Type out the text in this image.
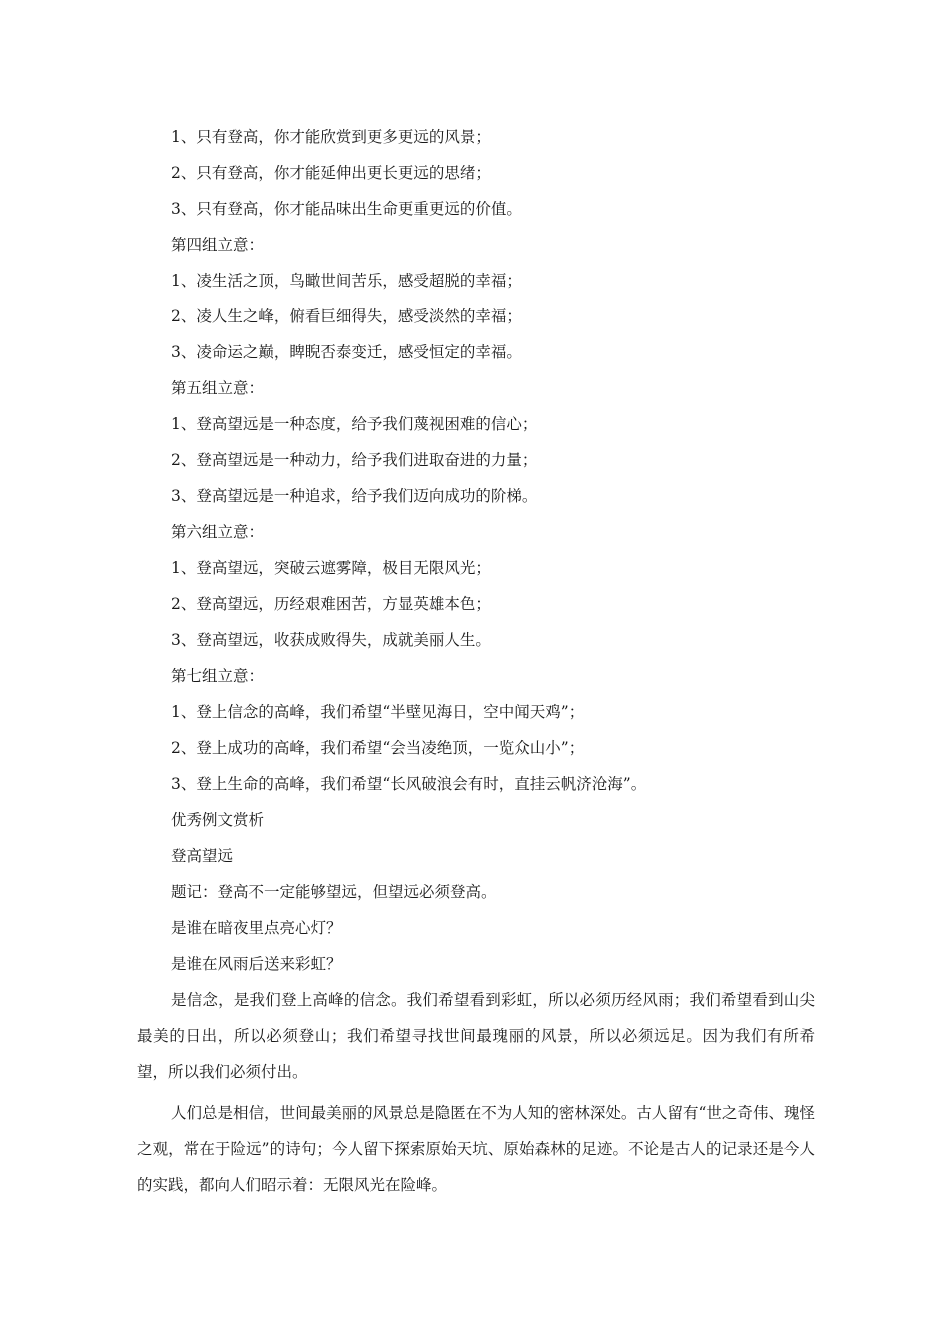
1、只有登高，你才能欣赏到更多更远的风景；
2、只有登高，你才能延伸出更长更远的思绪；
3、只有登高，你才能品味出生命更重更远的价值。
第四组立意：
1、凌生活之顶，鸟瞰世间苦乐，感受超脱的幸福；
2、凌人生之峰，俯看巨细得失，感受淡然的幸福；
3、凌命运之巅，睥睨否泰变迁，感受恒定的幸福。
第五组立意：
1、登高望远是一种态度，给予我们蔑视困难的信心；
2、登高望远是一种动力，给予我们进取奋进的力量；
3、登高望远是一种追求，给予我们迈向成功的阶梯。
第六组立意：
1、登高望远，突破云遮雾障，极目无限风光；
2、登高望远，历经艰难困苦，方显英雄本色；
3、登高望远，收获成败得失，成就美丽人生。
第七组立意：
1、登上信念的高峰，我们希望“半壁见海日，空中闻天鸡”；
2、登上成功的高峰，我们希望“会当凌绝顶，一览众山小”；
3、登上生命的高峰，我们希望“长风破浪会有时，直挂云帆济沧海”。
优秀例文赏析
登高望远
题记：登高不一定能够望远，但望远必须登高。
是谁在暗夜里点亮心灯？
是谁在风雨后送来彩虹？
是信念，是我们登上高峰的信念。我们希望看到彩虹，所以必须历经风雨；我们希望看到山尖最美的日出，所以必须登山；我们希望寻找世间最瑰丽的风景，所以必须远足。因为我们有所希望，所以我们必须付出。
人们总是相信，世间最美丽的风景总是隐匿在不为人知的密林深处。古人留有“世之奇伟、瑰怪之观，常在于险远”的诗句；今人留下探索原始天坑、原始森林的足迹。不论是古人的记录还是今人的实践，都向人们昭示着：无限风光在险峰。
